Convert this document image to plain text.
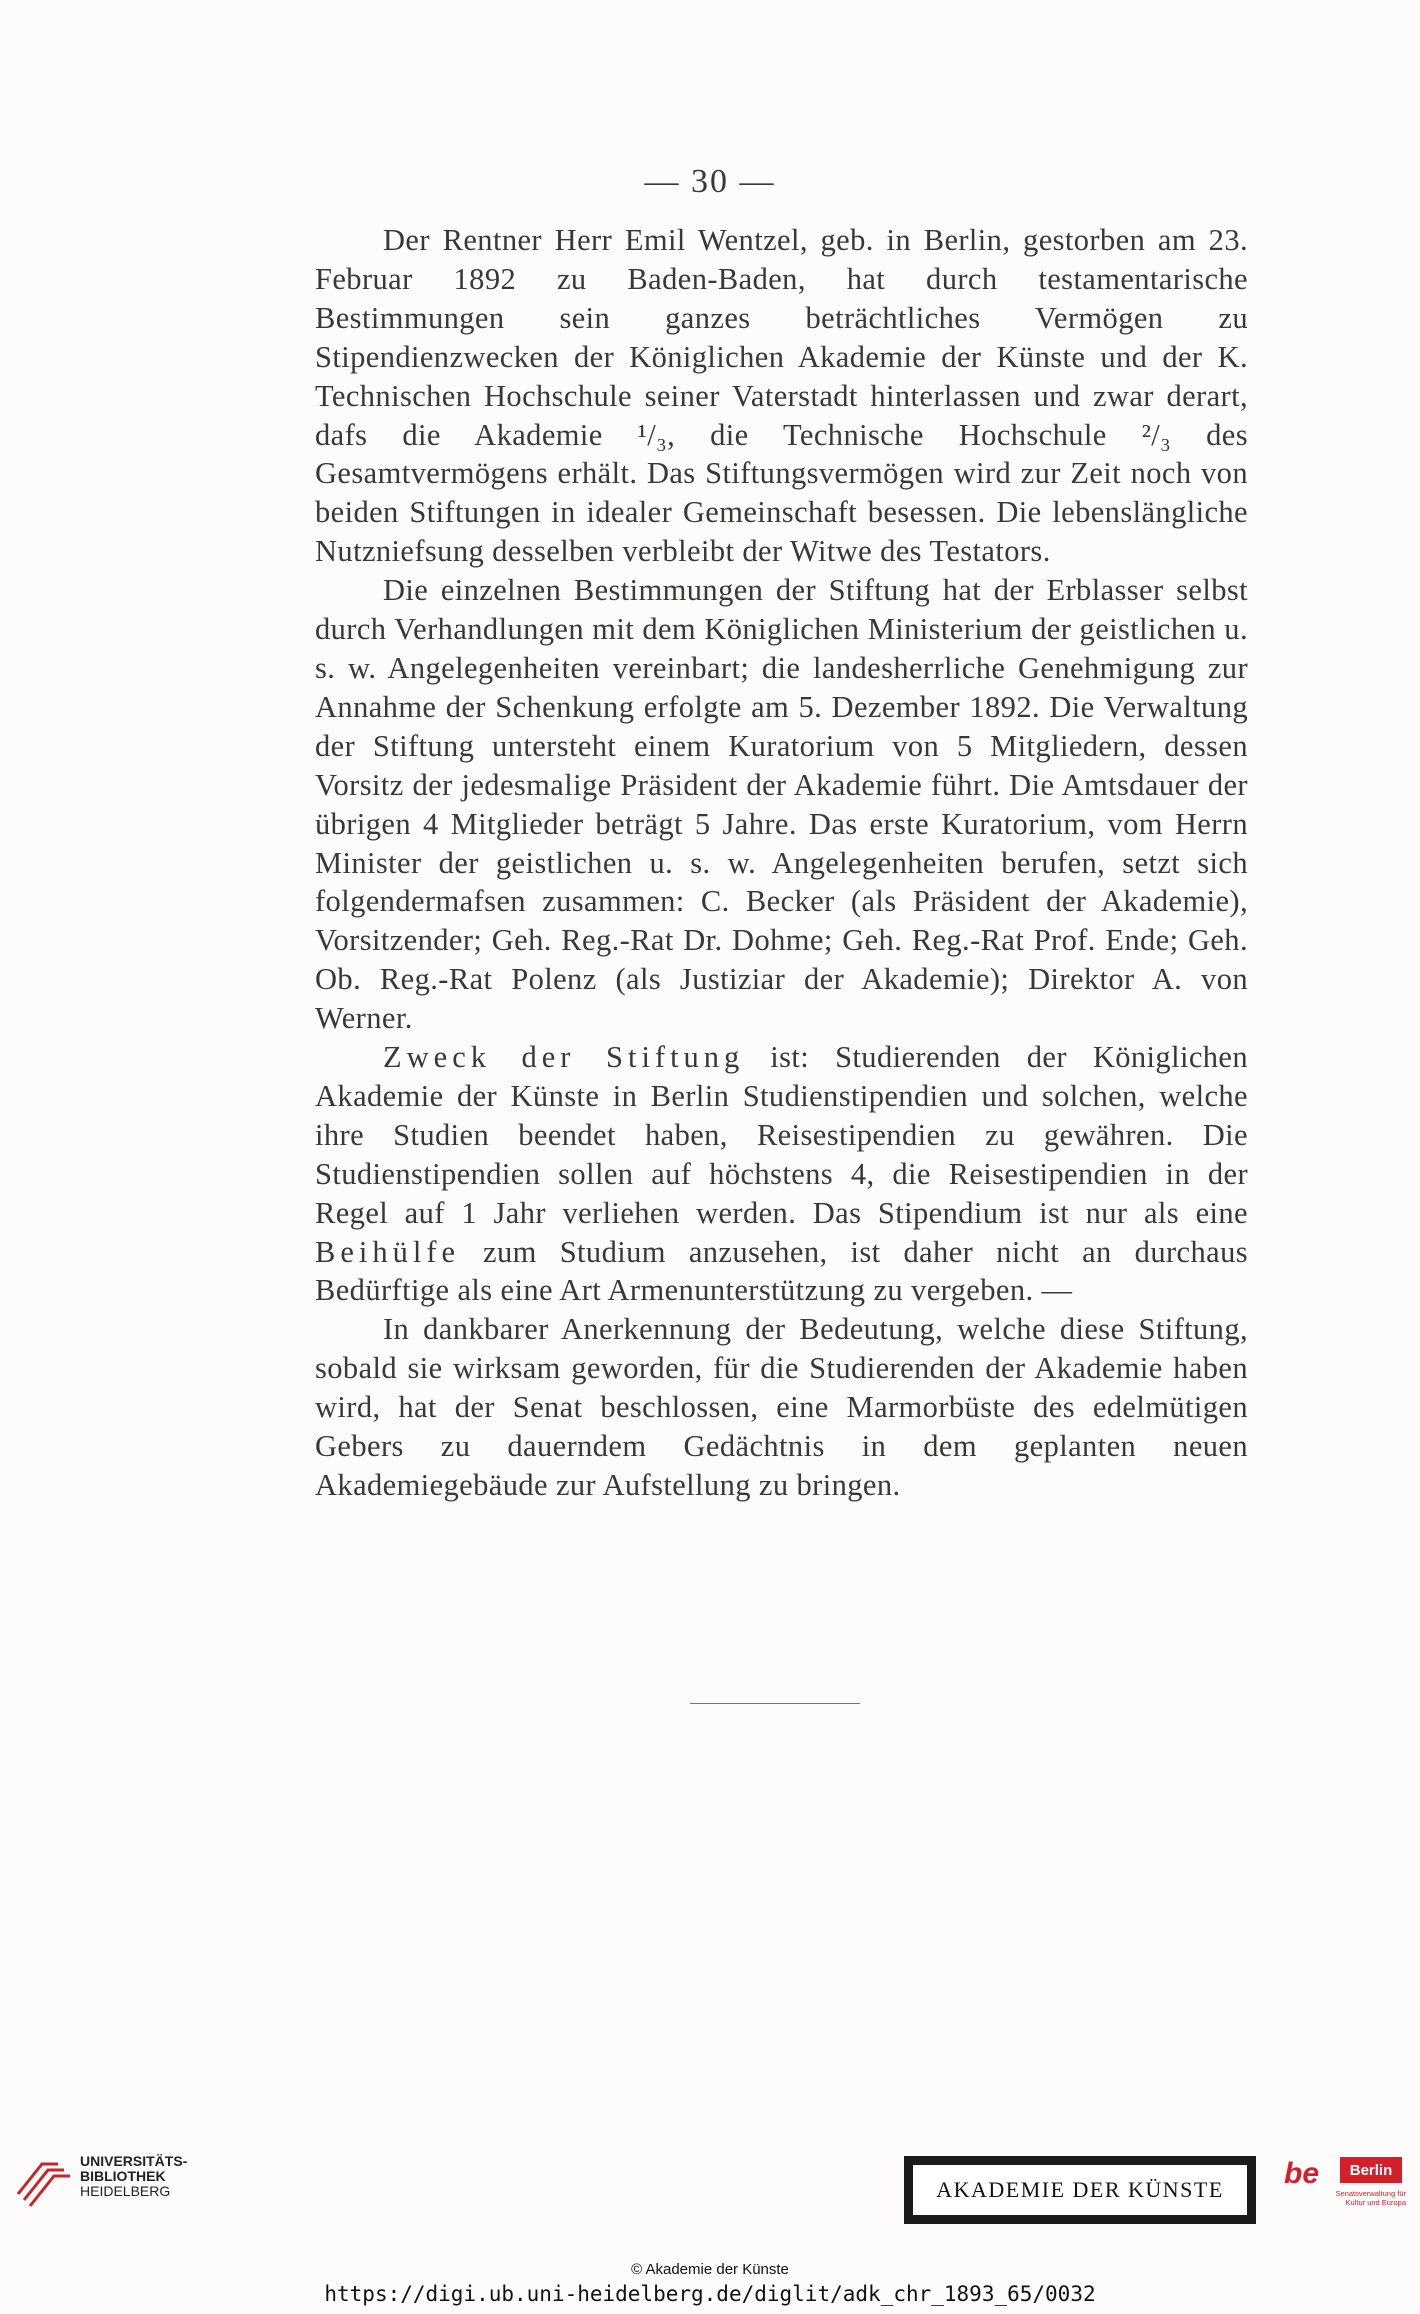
— 30 —

Der Rentner Herr Emil Wentzel, geb. in Berlin, gestorben am 23. Februar 1892 zu Baden-Baden, hat durch testamentarische Bestimmungen sein ganzes beträchtliches Vermögen zu Stipendienzwecken der Königlichen Akademie der Künste und der K. Technischen Hochschule seiner Vaterstadt hinterlassen und zwar derart, dafs die Akademie ¹/₃, die Technische Hochschule ²/₃ des Gesamtvermögens erhält. Das Stiftungsvermögen wird zur Zeit noch von beiden Stiftungen in idealer Gemeinschaft besessen. Die lebenslängliche Nutzniefsung desselben verbleibt der Witwe des Testators.

Die einzelnen Bestimmungen der Stiftung hat der Erblasser selbst durch Verhandlungen mit dem Königlichen Ministerium der geistlichen u. s. w. Angelegenheiten vereinbart; die landesherrliche Genehmigung zur Annahme der Schenkung erfolgte am 5. Dezember 1892. Die Verwaltung der Stiftung untersteht einem Kuratorium von 5 Mitgliedern, dessen Vorsitz der jedesmalige Präsident der Akademie führt. Die Amtsdauer der übrigen 4 Mitglieder beträgt 5 Jahre. Das erste Kuratorium, vom Herrn Minister der geistlichen u. s. w. Angelegenheiten berufen, setzt sich folgendermafsen zusammen: C. Becker (als Präsident der Akademie), Vorsitzender; Geh. Reg.-Rat Dr. Dohme; Geh. Reg.-Rat Prof. Ende; Geh. Ob. Reg.-Rat Polenz (als Justiziar der Akademie); Direktor A. von Werner.

Zweck der Stiftung ist: Studierenden der Königlichen Akademie der Künste in Berlin Studienstipendien und solchen, welche ihre Studien beendet haben, Reisestipendien zu gewähren. Die Studienstipendien sollen auf höchstens 4, die Reisestipendien in der Regel auf 1 Jahr verliehen werden. Das Stipendium ist nur als eine Beihülfe zum Studium anzusehen, ist daher nicht an durchaus Bedürftige als eine Art Armenunterstützung zu vergeben. —

In dankbarer Anerkennung der Bedeutung, welche diese Stiftung, sobald sie wirksam geworden, für die Studierenden der Akademie haben wird, hat der Senat beschlossen, eine Marmorbüste des edelmütigen Gebers zu dauerndem Gedächtnis in dem geplanten neuen Akademiegebäude zur Aufstellung zu bringen.

UNIVERSITÄTS-
BIBLIOTHEK
HEIDELBERG	AKADEMIE DER KÜNSTE	be	Berlin
Senatsverwaltung für Kultur und Europa
© Akademie der Künste
https://digi.ub.uni-heidelberg.de/diglit/adk_chr_1893_65/0032
